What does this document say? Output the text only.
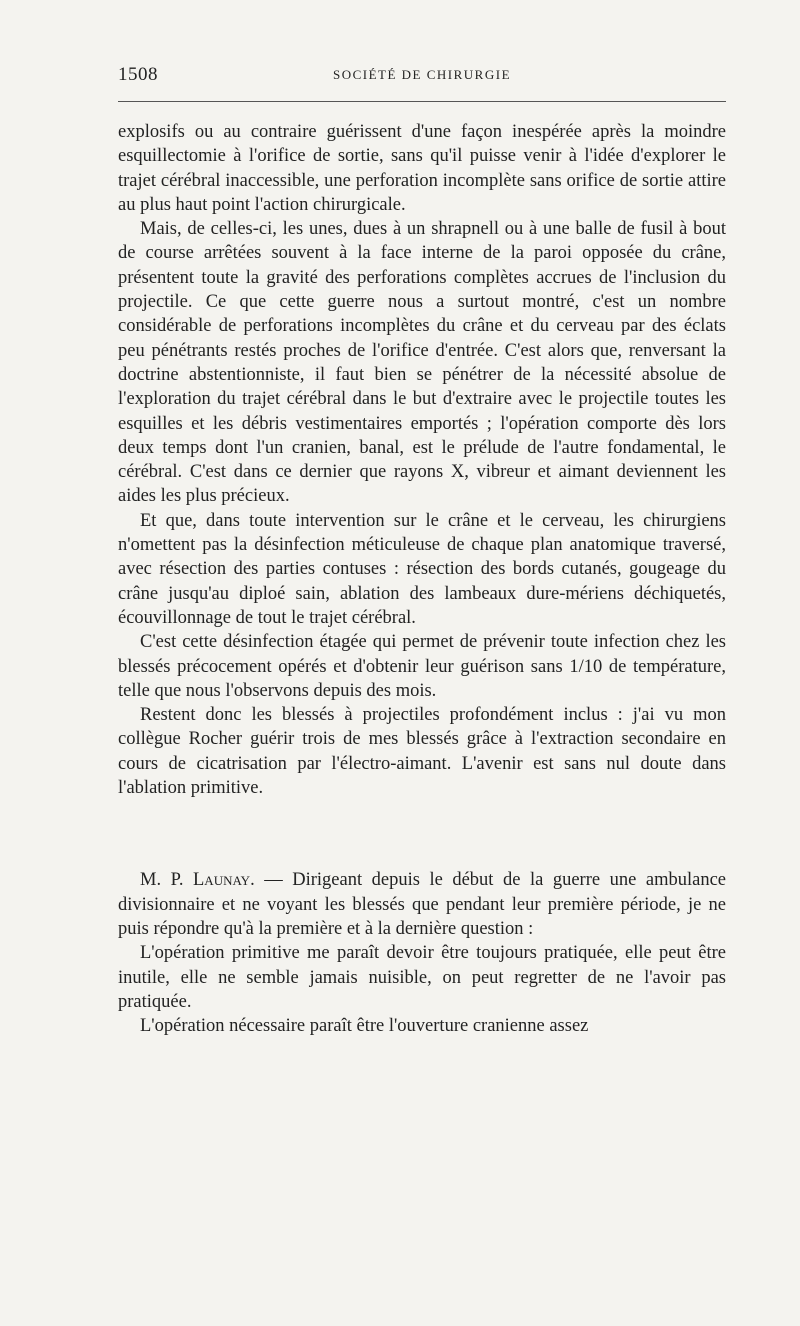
1508	SOCIÉTÉ DE CHIRURGIE

explosifs ou au contraire guérissent d'une façon inespérée après la moindre esquillectomie à l'orifice de sortie, sans qu'il puisse venir à l'idée d'explorer le trajet cérébral inaccessible, une perforation incomplète sans orifice de sortie attire au plus haut point l'action chirurgicale.

Mais, de celles-ci, les unes, dues à un shrapnell ou à une balle de fusil à bout de course arrêtées souvent à la face interne de la paroi opposée du crâne, présentent toute la gravité des perforations complètes accrues de l'inclusion du projectile. Ce que cette guerre nous a surtout montré, c'est un nombre considérable de perforations incomplètes du crâne et du cerveau par des éclats peu pénétrants restés proches de l'orifice d'entrée. C'est alors que, renversant la doctrine abstentionniste, il faut bien se pénétrer de la nécessité absolue de l'exploration du trajet cérébral dans le but d'extraire avec le projectile toutes les esquilles et les débris vestimentaires emportés ; l'opération comporte dès lors deux temps dont l'un cranien, banal, est le prélude de l'autre fondamental, le cérébral. C'est dans ce dernier que rayons X, vibreur et aimant deviennent les aides les plus précieux.

Et que, dans toute intervention sur le crâne et le cerveau, les chirurgiens n'omettent pas la désinfection méticuleuse de chaque plan anatomique traversé, avec résection des parties contuses : résection des bords cutanés, gougeage du crâne jusqu'au diploé sain, ablation des lambeaux dure-mériens déchiquetés, écouvillonnage de tout le trajet cérébral.

C'est cette désinfection étagée qui permet de prévenir toute infection chez les blessés précocement opérés et d'obtenir leur guérison sans 1/10 de température, telle que nous l'observons depuis des mois.

Restent donc les blessés à projectiles profondément inclus : j'ai vu mon collègue Rocher guérir trois de mes blessés grâce à l'extraction secondaire en cours de cicatrisation par l'électro-aimant. L'avenir est sans nul doute dans l'ablation primitive.

M. P. Launay. — Dirigeant depuis le début de la guerre une ambulance divisionnaire et ne voyant les blessés que pendant leur première période, je ne puis répondre qu'à la première et à la dernière question :

L'opération primitive me paraît devoir être toujours pratiquée, elle peut être inutile, elle ne semble jamais nuisible, on peut regretter de ne l'avoir pas pratiquée.

L'opération nécessaire paraît être l'ouverture cranienne assez
